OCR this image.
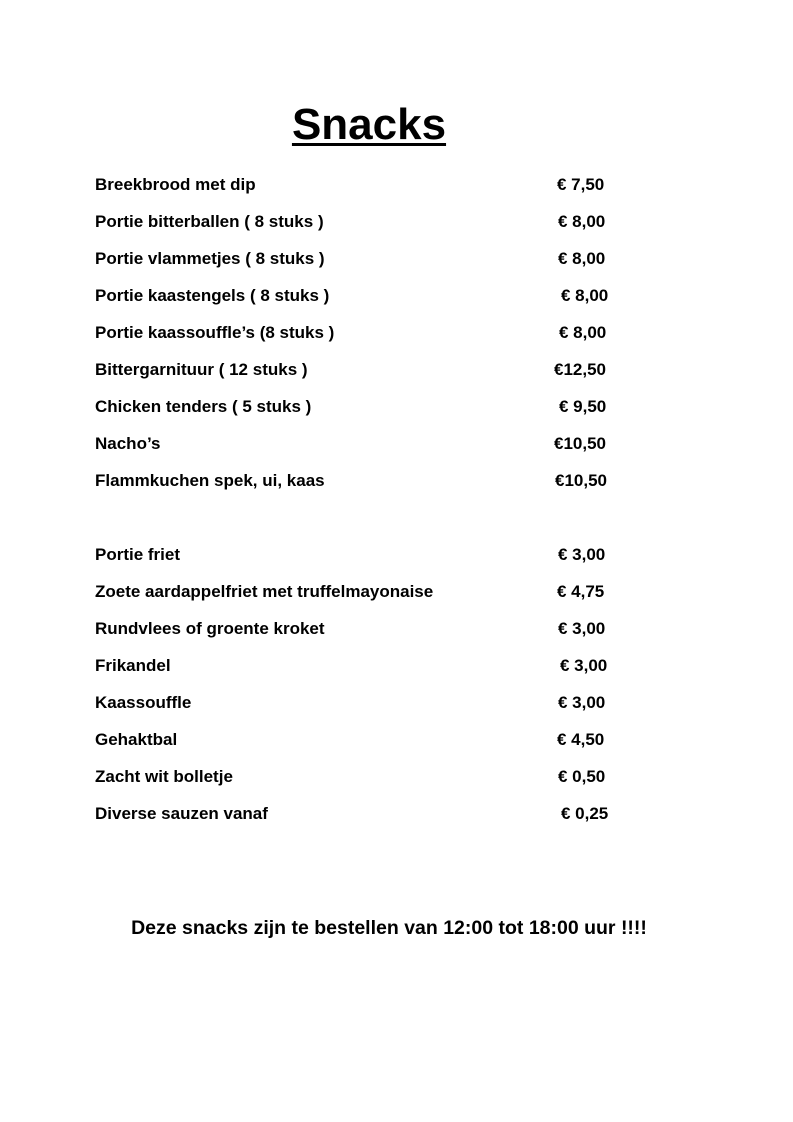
Snacks
Breekbrood met dip	€ 7,50
Portie bitterballen ( 8 stuks )	€ 8,00
Portie vlammetjes ( 8 stuks )	€ 8,00
Portie kaastengels ( 8 stuks )	€ 8,00
Portie kaassouffle’s (8 stuks )	€ 8,00
Bittergarnituur ( 12 stuks )	€12,50
Chicken tenders ( 5 stuks )	€ 9,50
Nacho’s	€10,50
Flammkuchen spek, ui, kaas	€10,50
Portie friet	€ 3,00
Zoete aardappelfriet met truffelmayonaise	€ 4,75
Rundvlees of groente kroket	€ 3,00
Frikandel	€ 3,00
Kaassouffle	€ 3,00
Gehaktbal	€ 4,50
Zacht wit bolletje	€ 0,50
Diverse sauzen vanaf	€ 0,25
Deze snacks zijn te bestellen van 12:00 tot 18:00 uur !!!!
